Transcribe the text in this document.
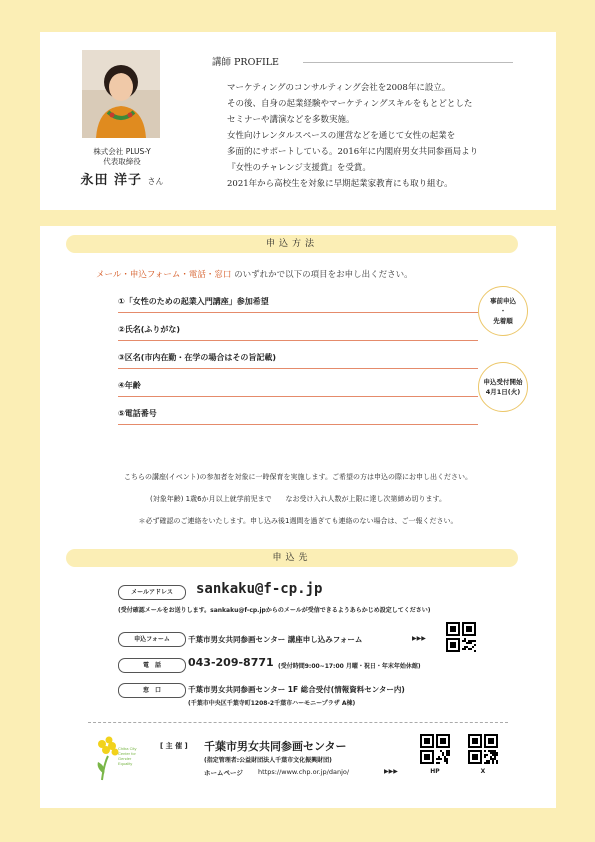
株式会社 PLUS-Y
代表取締役
永田 洋子 さん
講師 PROFILE
マーケティングのコンサルティング会社を2008年に設立。
その後、自身の起業経験やマーケティングスキルをもとどとした
セミナーや講演などを多数実施。
女性向けレンタルスペースの運営などを通じて女性の起業を
多面的にサポートしている。2016年に内閣府男女共同参画局より
『女性のチャレンジ支援賞』を受賞。
2021年から高校生を対象に早期起業家教育にも取り組む。
申込方法
メール・申込フォーム・電話・窓口 のいずれかで以下の項目をお申し出ください。
①「女性のための起業入門講座」参加希望
②氏名(ふりがな)
③区名(市内在勤・在学の場合はその旨記載)
④年齢
⑤電話番号
事前申込
・
先着順
申込受付開始
4月1日(火)
こちらの講座(イベント)の参加者を対象に一時保育を実施します。ご希望の方は申込の際にお申し出ください。
(対象年齢) 1歳6か月以上就学前児まで　　なお受け入れ人数が上限に達し次第締め切ります。
＊必ず確認のご連絡をいたします。申し込み後1週間を過ぎても連絡のない場合は、ご一報ください。
申込先
メールアドレス	sankaku@f-cp.jp
(受付確認メールをお送りします。sankaku@f-cp.jpからのメールが受信できるようあらかじめ設定してください)
申込フォーム	千葉市男女共同参画センター 講座申し込みフォーム	▶▶▶
電　話	043-209-8771 (受付時間9:00~17:00 月曜・祝日・年末年始休館)
窓　口	千葉市男女共同参画センター 1F 総合受付(情報資料センター内)
(千葉市中央区千葉寺町1208-2千葉市ハーモニープラザ A棟)
Chiba City
Center for
Gender
Equality
[ 主 催 ] 千葉市男女共同参画センター
(指定管理者:公益財団法人千葉市文化振興財団)
ホームページ https://www.chp.or.jp/danjo/	▶▶▶	HP	X
